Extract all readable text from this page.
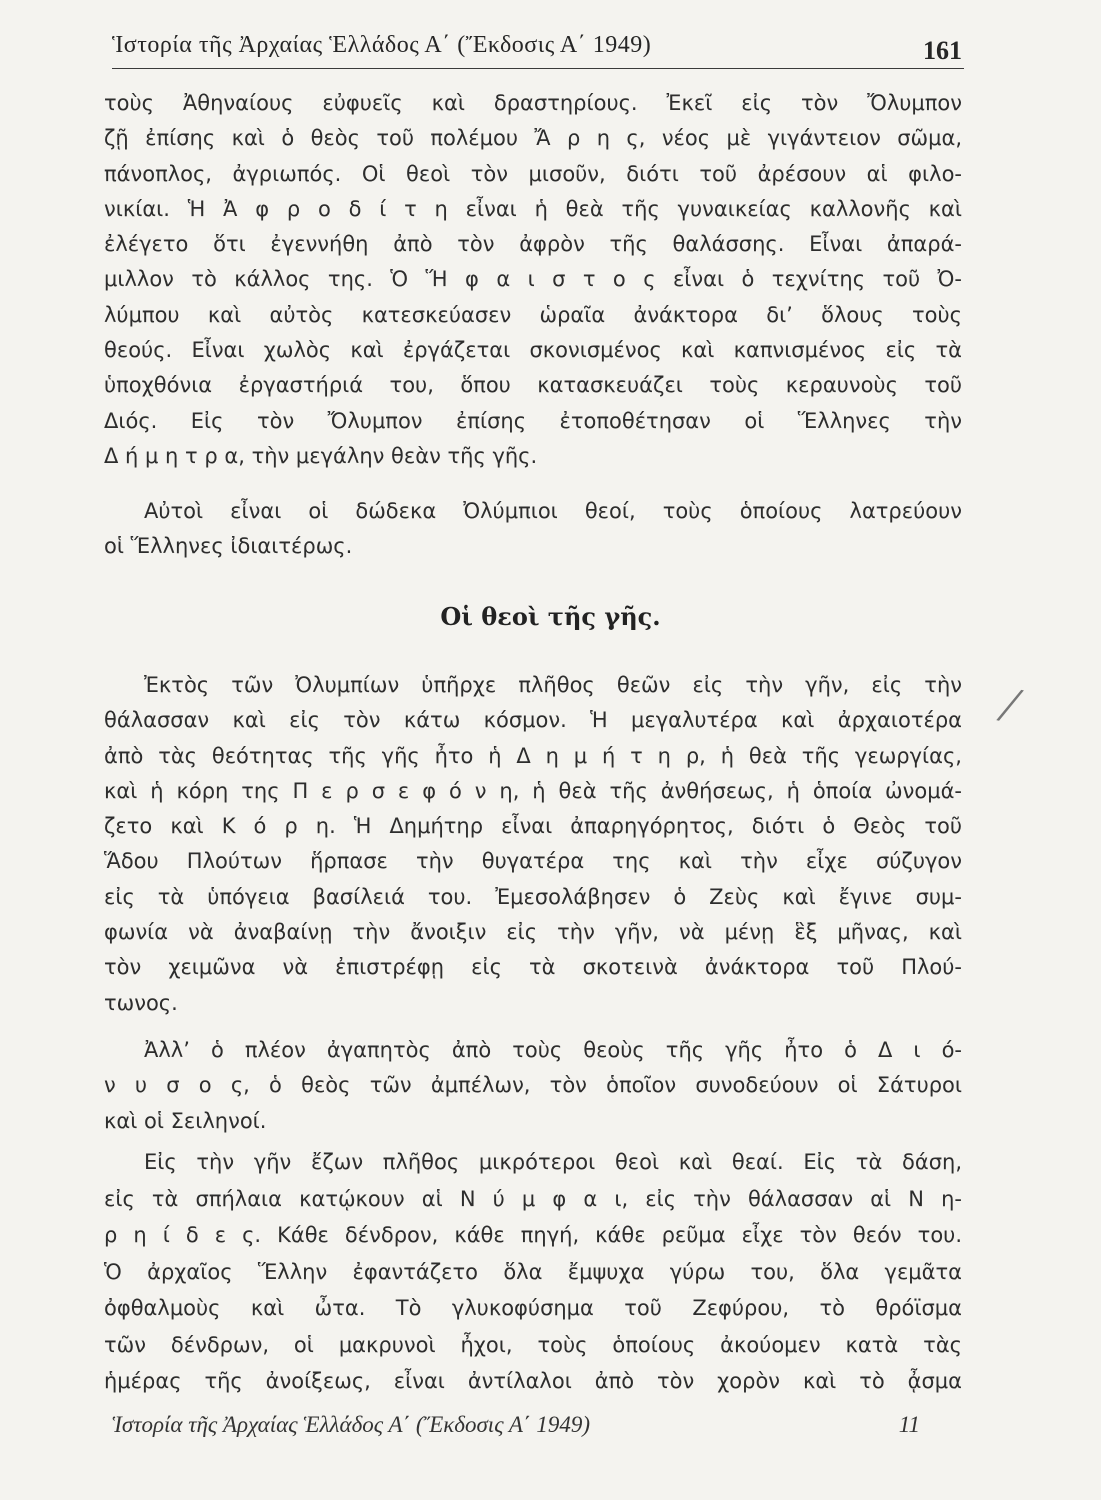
Ἱστορία τῆς Ἀρχαίας Ἑλλάδος Α΄ (Ἔκδοσις Α΄ 1949)	161
τοὺς Ἀθηναίους εὐφυεῖς καὶ δραστηρίους. Ἐκεῖ εἰς τὸν Ὄλυμπον
ζῇ ἐπίσης καὶ ὁ θεὸς τοῦ πολέμου Ἄ ρ η ς, νέος μὲ γιγάντειον σῶμα,
πάνοπλος, ἀγριωπός. Οἱ θεοὶ τὸν μισοῦν, διότι τοῦ ἀρέσουν αἱ φιλο-
νικίαι. Ἡ Ἀ φ ρ ο δ ί τ η εἶναι ἡ θεὰ τῆς γυναικείας καλλονῆς καὶ
ἐλέγετο ὅτι ἐγεννήθη ἀπὸ τὸν ἀφρὸν τῆς θαλάσσης. Εἶναι ἀπαρά-
μιλλον τὸ κάλλος της. Ὁ Ἥ φ α ι σ τ ο ς εἶναι ὁ τεχνίτης τοῦ Ὀ-
λύμπου καὶ αὐτὸς κατεσκεύασεν ὡραῖα ἀνάκτορα δι’ ὅλους τοὺς
θεούς. Εἶναι χωλὸς καὶ ἐργάζεται σκονισμένος καὶ καπνισμένος εἰς τὰ
ὑποχθόνια ἐργαστήριά του, ὅπου κατασκευάζει τοὺς κεραυνοὺς τοῦ
Διός. Εἰς τὸν Ὄλυμπον ἐπίσης ἐτοποθέτησαν οἱ Ἕλληνες τὴν
Δ ή μ η τ ρ α, τὴν μεγάλην θεὰν τῆς γῆς.
Αὐτοὶ εἶναι οἱ δώδεκα Ὀλύμπιοι θεοί, τοὺς ὁποίους λατρεύουν
οἱ Ἕλληνες ἰδιαιτέρως.
Οἱ θεοὶ τῆς γῆς.
Ἐκτὸς τῶν Ὀλυμπίων ὑπῆρχε πλῆθος θεῶν εἰς τὴν γῆν, εἰς τὴν
θάλασσαν καὶ εἰς τὸν κάτω κόσμον. Ἡ μεγαλυτέρα καὶ ἀρχαιοτέρα
ἀπὸ τὰς θεότητας τῆς γῆς ἦτο ἡ Δ η μ ή τ η ρ, ἡ θεὰ τῆς γεωργίας,
καὶ ἡ κόρη της Π ε ρ σ ε φ ό ν η, ἡ θεὰ τῆς ἀνθήσεως, ἡ ὁποία ὠνομά-
ζετο καὶ Κ ό ρ η. Ἡ Δημήτηρ εἶναι ἀπαρηγόρητος, διότι ὁ Θεὸς τοῦ
Ἅδου Πλούτων ἥρπασε τὴν θυγατέρα της καὶ τὴν εἶχε σύζυγον
εἰς τὰ ὑπόγεια βασίλειά του. Ἐμεσολάβησεν ὁ Ζεὺς καὶ ἔγινε συμ-
φωνία νὰ ἀναβαίνῃ τὴν ἄνοιξιν εἰς τὴν γῆν, νὰ μένῃ ἓξ μῆνας, καὶ
τὸν χειμῶνα νὰ ἐπιστρέφῃ εἰς τὰ σκοτεινὰ ἀνάκτορα τοῦ Πλού-
τωνος.
Ἀλλ’ ὁ πλέον ἀγαπητὸς ἀπὸ τοὺς θεοὺς τῆς γῆς ἦτο ὁ Δ ι ό-
ν υ σ ο ς, ὁ θεὸς τῶν ἀμπέλων, τὸν ὁποῖον συνοδεύουν οἱ Σάτυροι
καὶ οἱ Σειληνοί.
Εἰς τὴν γῆν ἔζων πλῆθος μικρότεροι θεοὶ καὶ θεαί. Εἰς τὰ δάση,
εἰς τὰ σπήλαια κατῴκουν αἱ Ν ύ μ φ α ι, εἰς τὴν θάλασσαν αἱ Ν η-
ρ η ί δ ε ς. Κάθε δένδρον, κάθε πηγή, κάθε ρεῦμα εἶχε τὸν θεόν του.
Ὁ ἀρχαῖος Ἕλλην ἐφαντάζετο ὅλα ἔμψυχα γύρω του, ὅλα γεμᾶτα
ὀφθαλμοὺς καὶ ὦτα. Τὸ γλυκοφύσημα τοῦ Ζεφύρου, τὸ θρόϊσμα
τῶν δένδρων, οἱ μακρυνοὶ ἦχοι, τοὺς ὁποίους ἀκούομεν κατὰ τὰς
ἡμέρας τῆς ἀνοίξεως, εἶναι ἀντίλαλοι ἀπὸ τὸν χορὸν καὶ τὸ ᾆσμα
/
Ἱστορία τῆς Ἀρχαίας Ἑλλάδος Α΄ (Ἔκδοσις Α΄ 1949)	11
